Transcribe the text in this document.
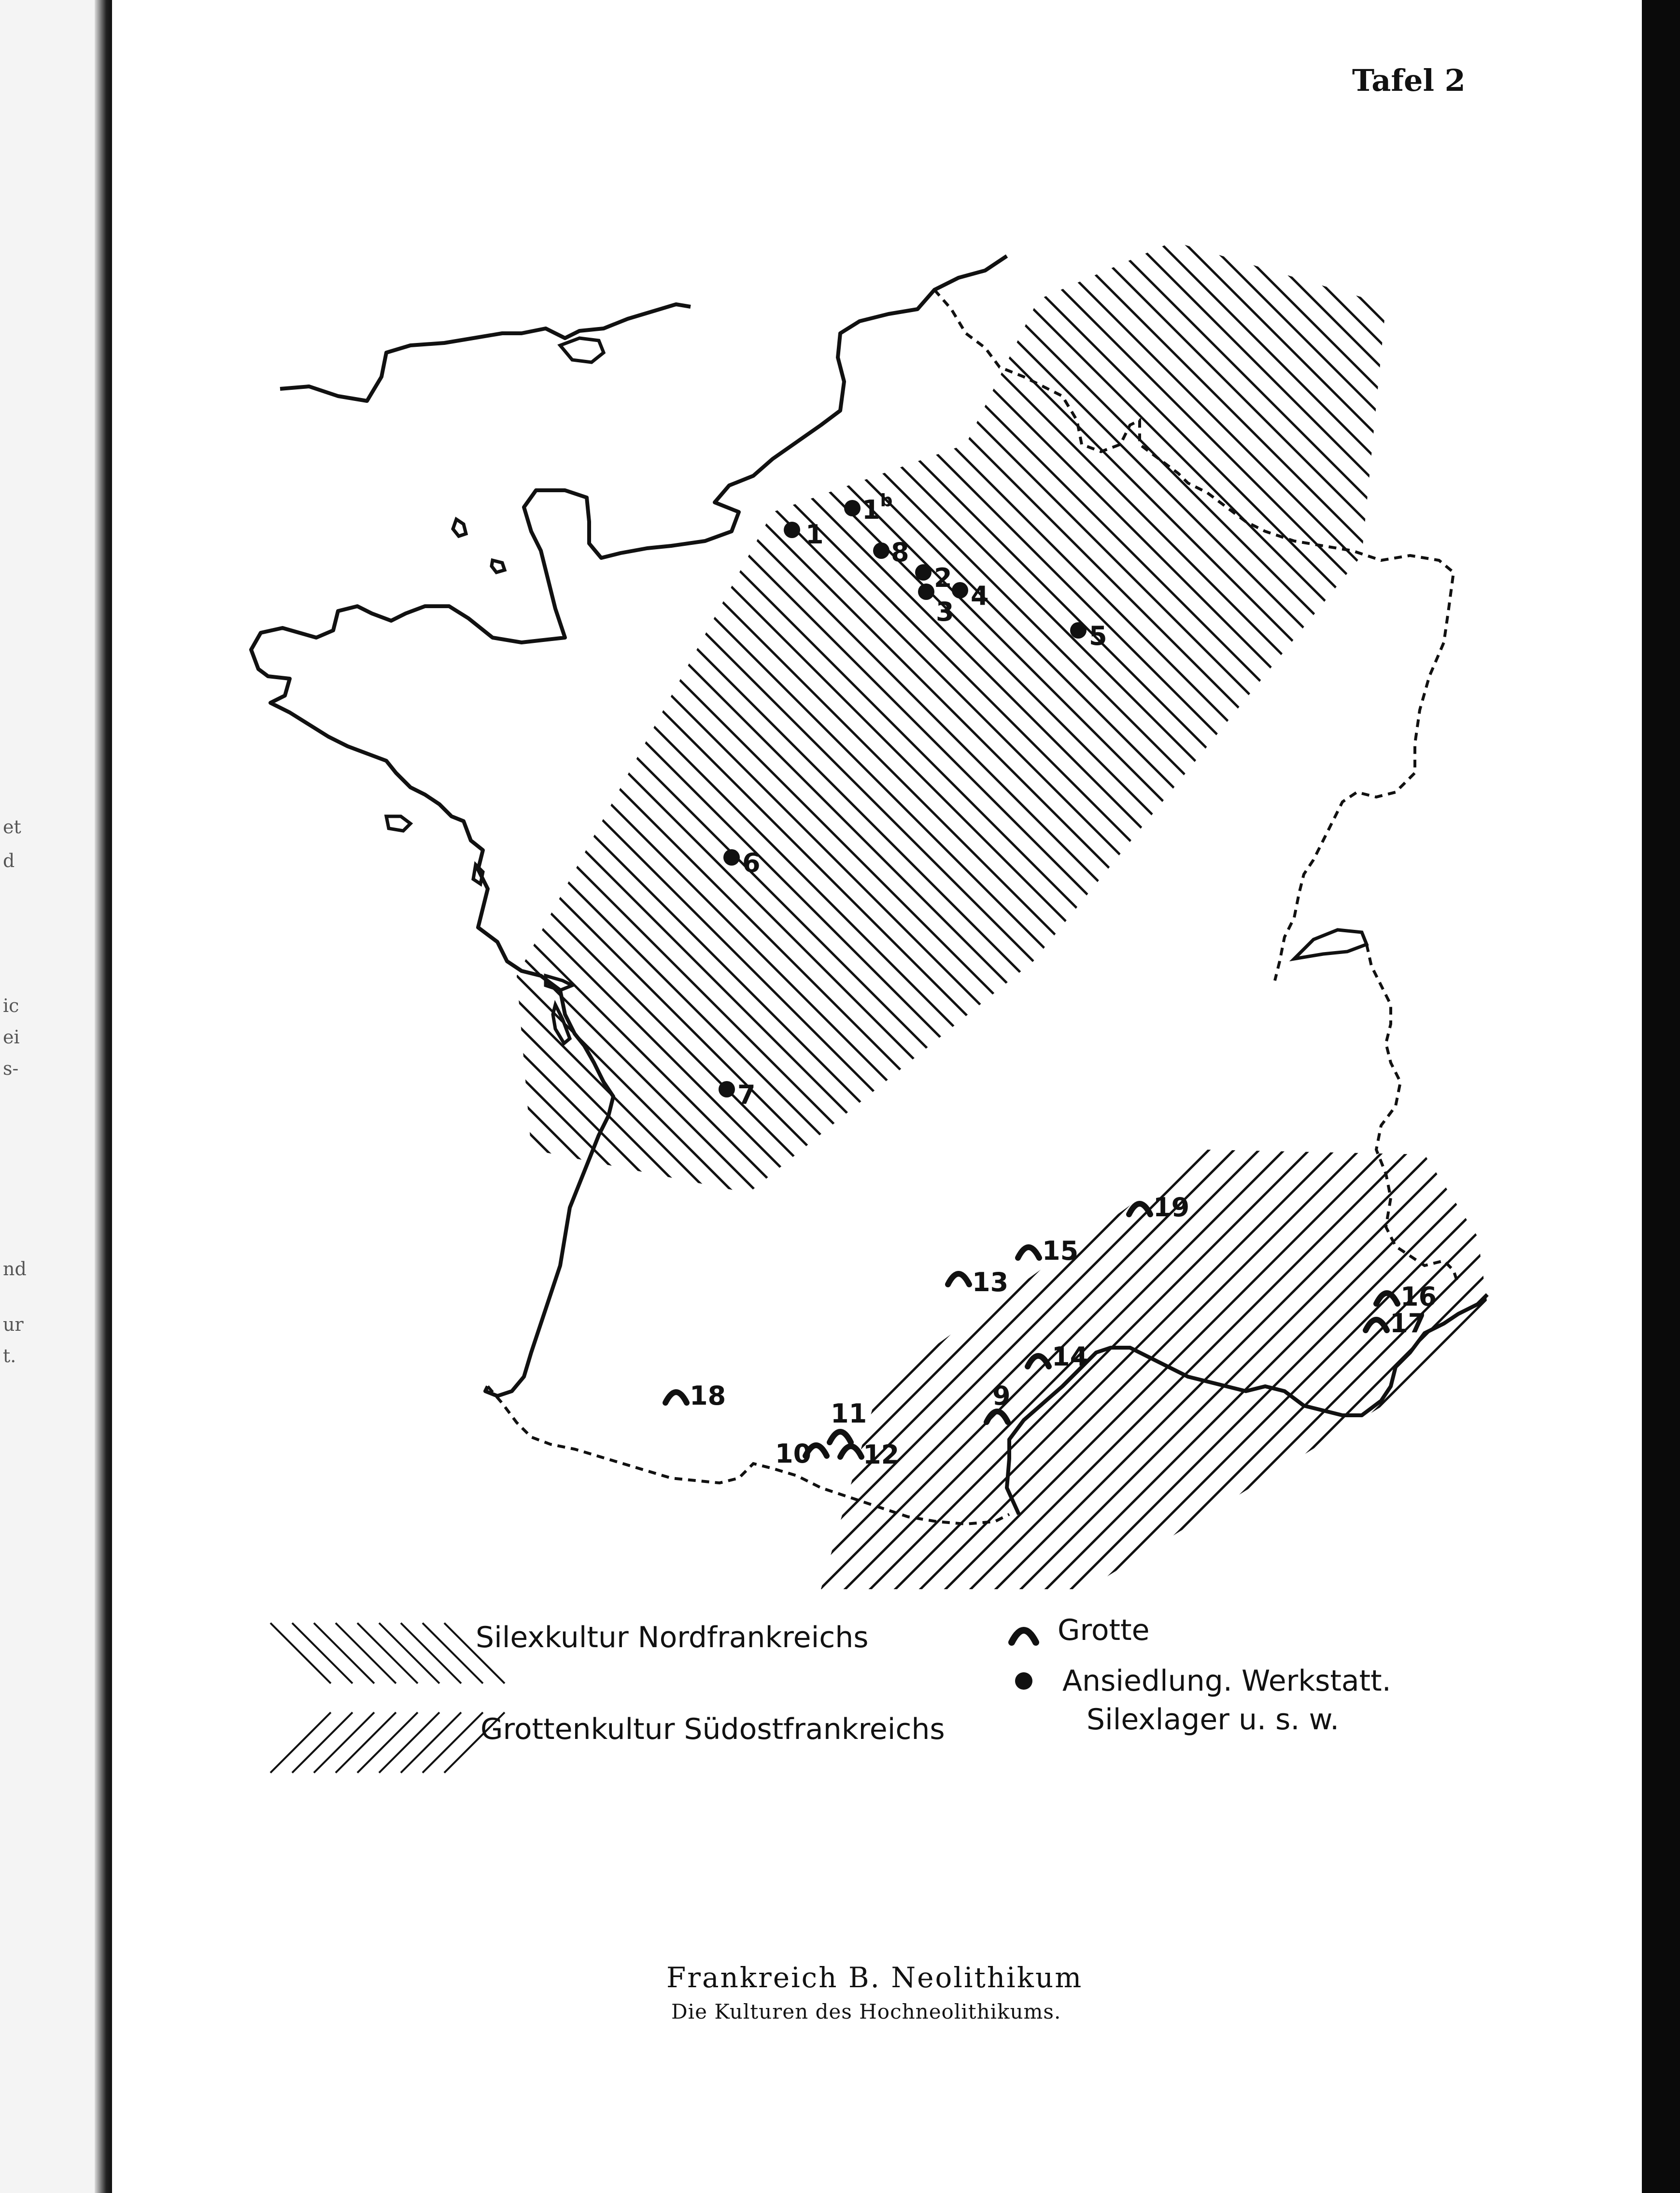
et
d
ic
ei
s-
nd
ur
t.
Tafel 2
1
1$^b$
2
3
4
5
6
7
8
9
10
11
12
13
14
15
16
17
18
19
Silexkultur Nordfrankreichs
Grottenkultur Südostfrankreichs
Grotte
Ansiedlung. Werkstatt.
Silexlager u. s. w.
Frankreich B. Neolithikum
Die Kulturen des Hochneolithikums.
